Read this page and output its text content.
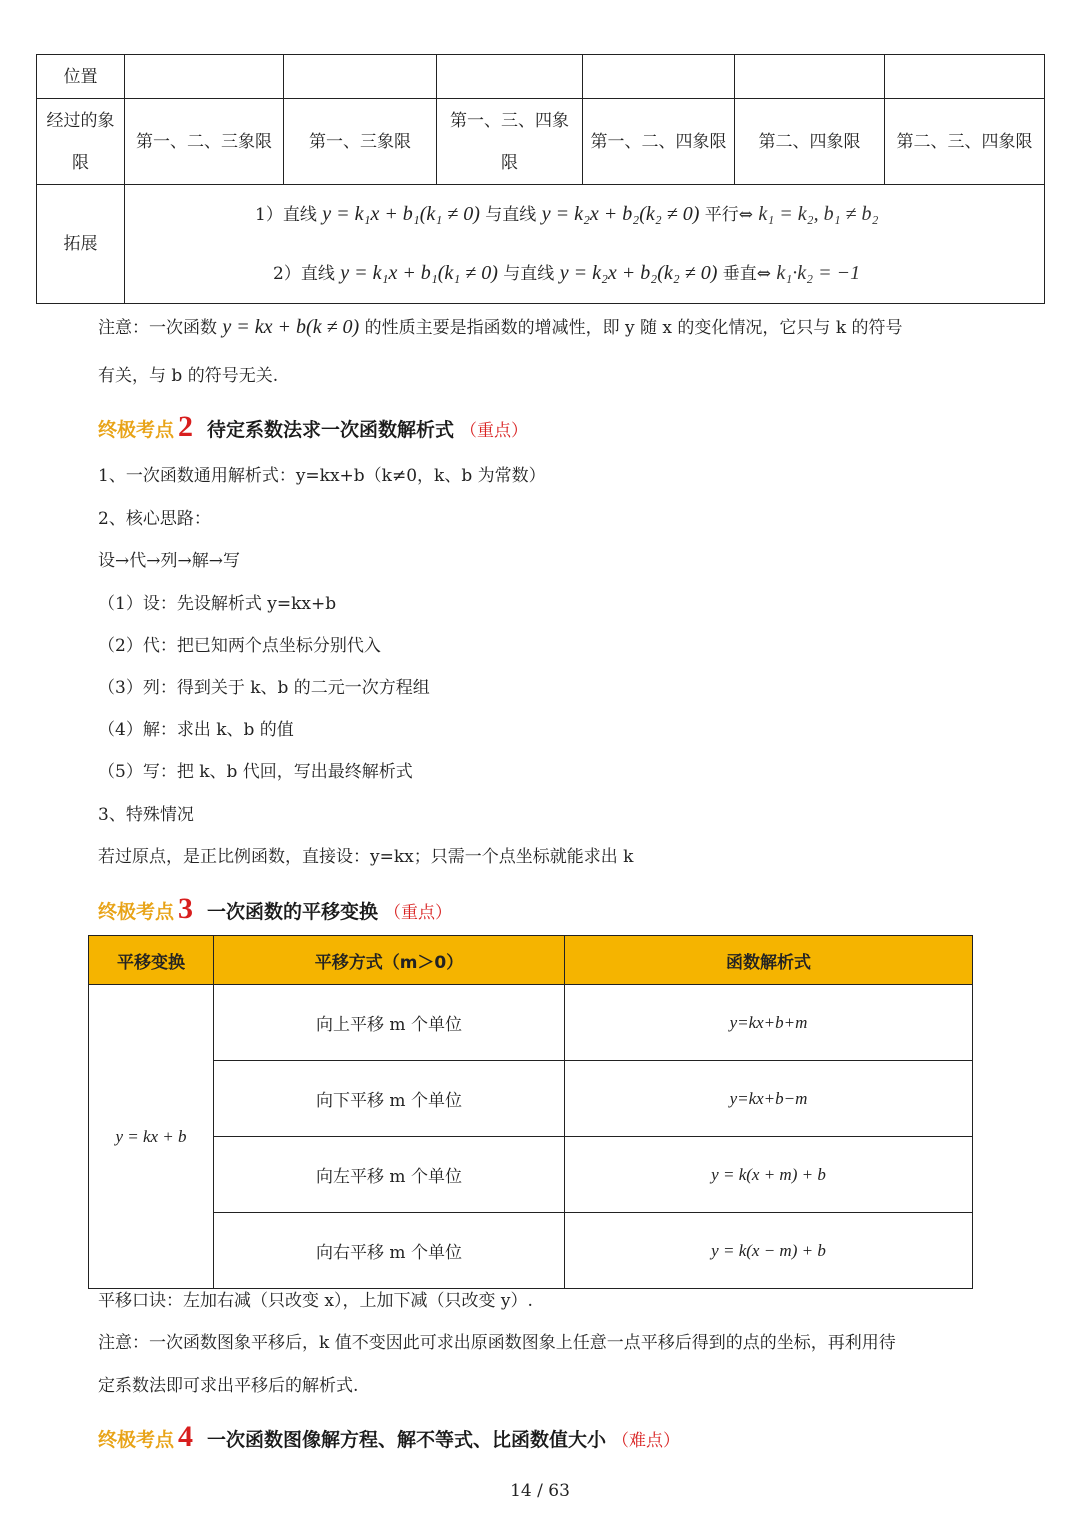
位置						
经过的象限	第一、二、三象限	第一、三象限	第一、三、四象限	第一、二、四象限	第二、四象限	第二、三、四象限
拓展	1）直线 y = k₁x + b₁(k₁ ≠ 0) 与直线 y = k₂x + b₂(k₂ ≠ 0) 平行⇔ k₁ = k₂, b₁ ≠ b₂
2）直线 y = k₁x + b₁(k₁ ≠ 0) 与直线 y = k₂x + b₂(k₂ ≠ 0) 垂直⇔ k₁·k₂ = −1					
注意：一次函数 y = kx + b(k ≠ 0) 的性质主要是指函数的增减性，即 y 随 x 的变化情况，它只与 k 的符号
有关，与 b 的符号无关.
终极考点 2 待定系数法求一次函数解析式 （重点）
1、一次函数通用解析式：y=kx+b（k≠0，k、b 为常数）
2、核心思路：
设→代→列→解→写
（1）设：先设解析式 y=kx+b
（2）代：把已知两个点坐标分别代入
（3）列：得到关于 k、b 的二元一次方程组
（4）解：求出 k、b 的值
（5）写：把 k、b 代回，写出最终解析式
3、特殊情况
若过原点，是正比例函数，直接设：y=kx；只需一个点坐标就能求出 k
终极考点 3 一次函数的平移变换 （重点）
平移变换	平移方式（m＞0）	函数解析式
y = kx + b	向上平移 m 个单位	y=kx+b+m
	向下平移 m 个单位	y=kx+b−m
	向左平移 m 个单位	y = k(x + m) + b
	向右平移 m 个单位	y = k(x − m) + b
平移口诀：左加右减（只改变 x），上加下减（只改变 y）.
注意：一次函数图象平移后，k 值不变因此可求出原函数图象上任意一点平移后得到的点的坐标，再利用待
定系数法即可求出平移后的解析式.
终极考点 4 一次函数图像解方程、解不等式、比函数值大小 （难点）
14 / 63
